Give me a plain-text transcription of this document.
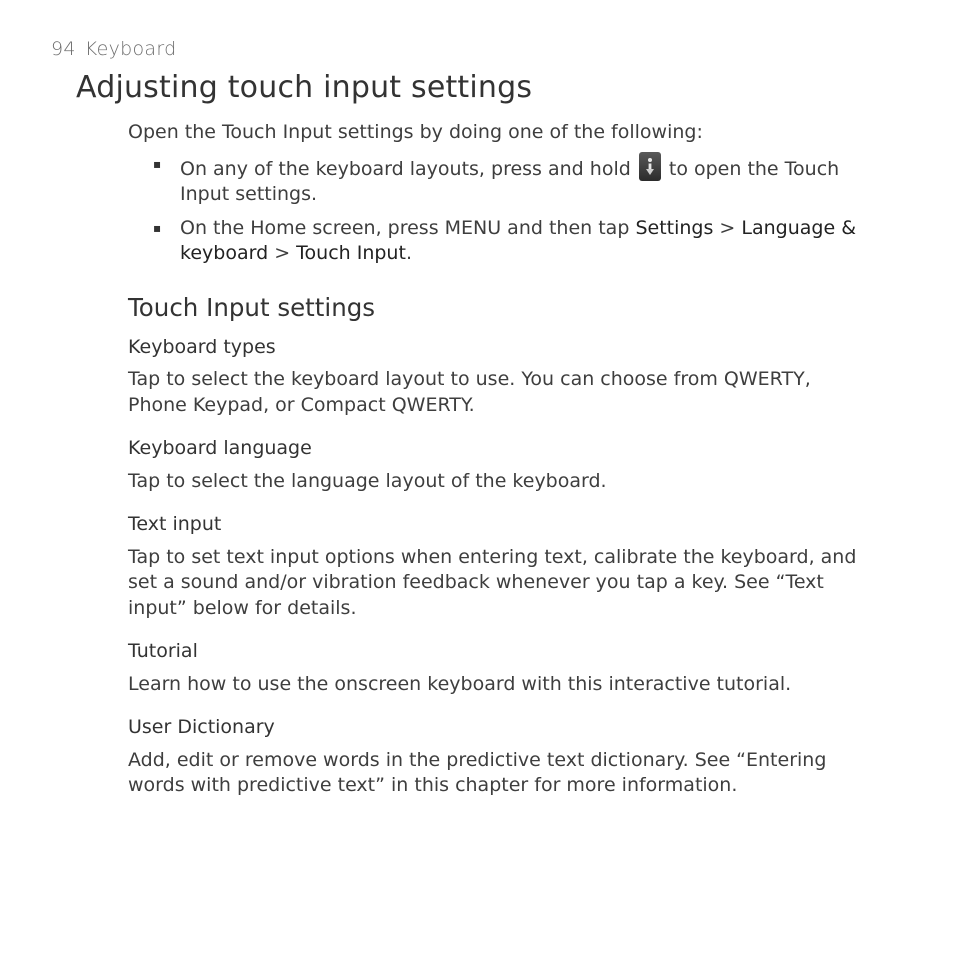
94 Keyboard
Adjusting touch input settings

Open the Touch Input settings by doing one of the following:

▪ On any of the keyboard layouts, press and hold to open the Touch Input settings.
▪ On the Home screen, press MENU and then tap Settings > Language & keyboard > Touch Input.
Touch Input settings
Keyboard types

Tap to select the keyboard layout to use. You can choose from QWERTY, Phone Keypad, or Compact QWERTY.

Keyboard language

Tap to select the language layout of the keyboard.

Text input

Tap to set text input options when entering text, calibrate the keyboard, and set a sound and/or vibration feedback whenever you tap a key. See “Text input” below for details.

Tutorial

Learn how to use the onscreen keyboard with this interactive tutorial.

User Dictionary

Add, edit or remove words in the predictive text dictionary. See “Entering words with predictive text” in this chapter for more information.
